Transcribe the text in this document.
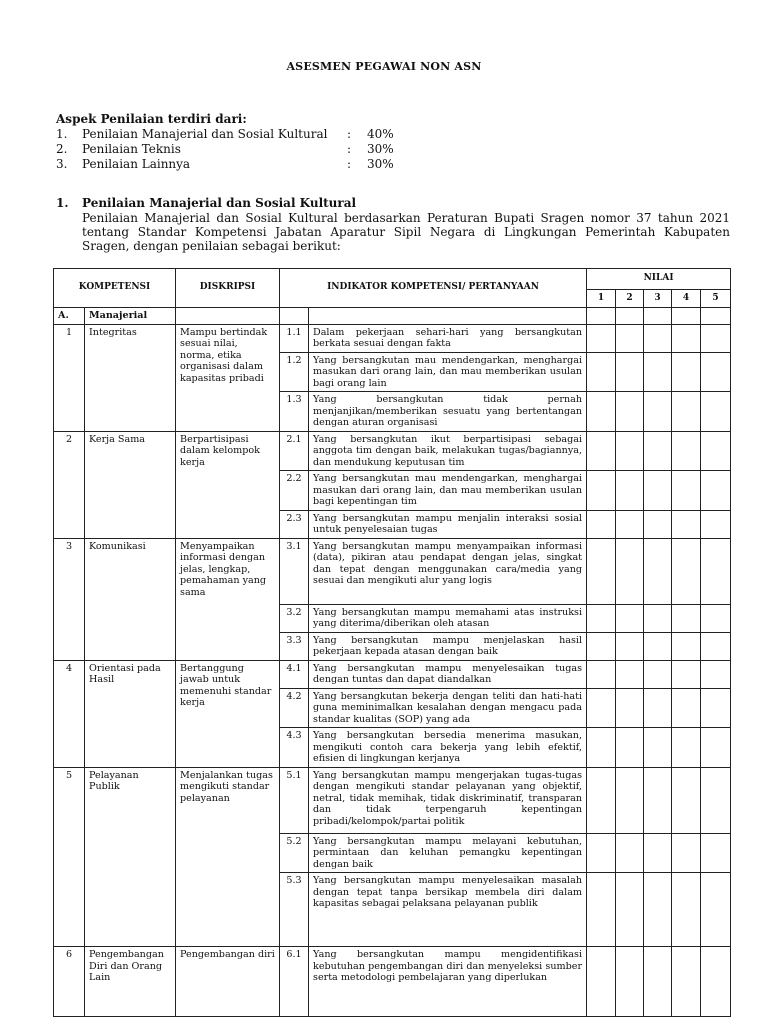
ASESMEN PEGAWAI NON ASN
Aspek Penilaian terdiri dari:
1.	Penilaian Manajerial dan Sosial Kultural	:	40%
2.	Penilaian Teknis	:	30%
3.	Penilaian Lainnya	:	30%
1.	Penilaian Manajerial dan Sosial Kultural
Penilaian Manajerial dan Sosial Kultural berdasarkan Peraturan Bupati Sragen nomor 37 tahun 2021 tentang Standar Kompetensi Jabatan Aparatur Sipil Negara di Lingkungan Pemerintah Kabupaten Sragen, dengan penilaian sebagai berikut:
KOMPETENSI		DISKRIPSI	INDIKATOR KOMPETENSI/ PERTANYAAN		NILAI				
					1	2	3	4	5
A.	Manajerial								
1	Integritas	Mampu bertindak sesuai nilai, norma, etika organisasi dalam kapasitas pribadi	1.1	Dalam pekerjaan sehari-hari yang bersangkutan berkata sesuai dengan fakta					
			1.2	Yang bersangkutan mau mendengarkan, menghargai masukan dari orang lain, dan mau memberikan usulan bagi orang lain					
			1.3	Yang bersangkutan tidak pernah menjanjikan/memberikan sesuatu yang bertentangan dengan aturan organisasi					
2	Kerja Sama	Berpartisipasi dalam kelompok kerja	2.1	Yang bersangkutan ikut berpartisipasi sebagai anggota tim dengan baik, melakukan tugas/bagiannya, dan mendukung keputusan tim					
			2.2	Yang bersangkutan mau mendengarkan, menghargai masukan dari orang lain, dan mau memberikan usulan bagi kepentingan tim					
			2.3	Yang bersangkutan mampu menjalin interaksi sosial untuk penyelesaian tugas					
3	Komunikasi	Menyampaikan informasi dengan jelas, lengkap, pemahaman yang sama	3.1	Yang bersangkutan mampu menyampaikan informasi (data), pikiran atau pendapat dengan jelas, singkat dan tepat dengan menggunakan cara/media yang sesuai dan mengikuti alur yang logis					
			3.2	Yang bersangkutan mampu memahami atas instruksi yang diterima/diberikan oleh atasan					
			3.3	Yang bersangkutan mampu menjelaskan hasil pekerjaan kepada atasan dengan baik					
4	Orientasi pada Hasil	Bertanggung jawab untuk memenuhi standar kerja	4.1	Yang bersangkutan mampu menyelesaikan tugas dengan tuntas dan dapat diandalkan					
			4.2	Yang bersangkutan bekerja dengan teliti dan hati-hati guna meminimalkan kesalahan dengan mengacu pada standar kualitas (SOP) yang ada					
			4.3	Yang bersangkutan bersedia menerima masukan, mengikuti contoh cara bekerja yang lebih efektif, efisien di lingkungan kerjanya					
5	Pelayanan Publik	Menjalankan tugas mengikuti standar pelayanan	5.1	Yang bersangkutan mampu mengerjakan tugas-tugas dengan mengikuti standar pelayanan yang objektif, netral, tidak memihak, tidak diskriminatif, transparan dan tidak terpengaruh kepentingan pribadi/kelompok/partai politik					
			5.2	Yang bersangkutan mampu melayani kebutuhan, permintaan dan keluhan pemangku kepentingan dengan baik					
			5.3	Yang bersangkutan mampu menyelesaikan masalah dengan tepat tanpa bersikap membela diri dalam kapasitas sebagai pelaksana pelayanan publik					
6	Pengembangan Diri dan Orang Lain	Pengembangan diri	6.1	Yang bersangkutan mampu mengidentifikasi kebutuhan pengembangan diri dan menyeleksi sumber serta metodologi pembelajaran yang diperlukan					
